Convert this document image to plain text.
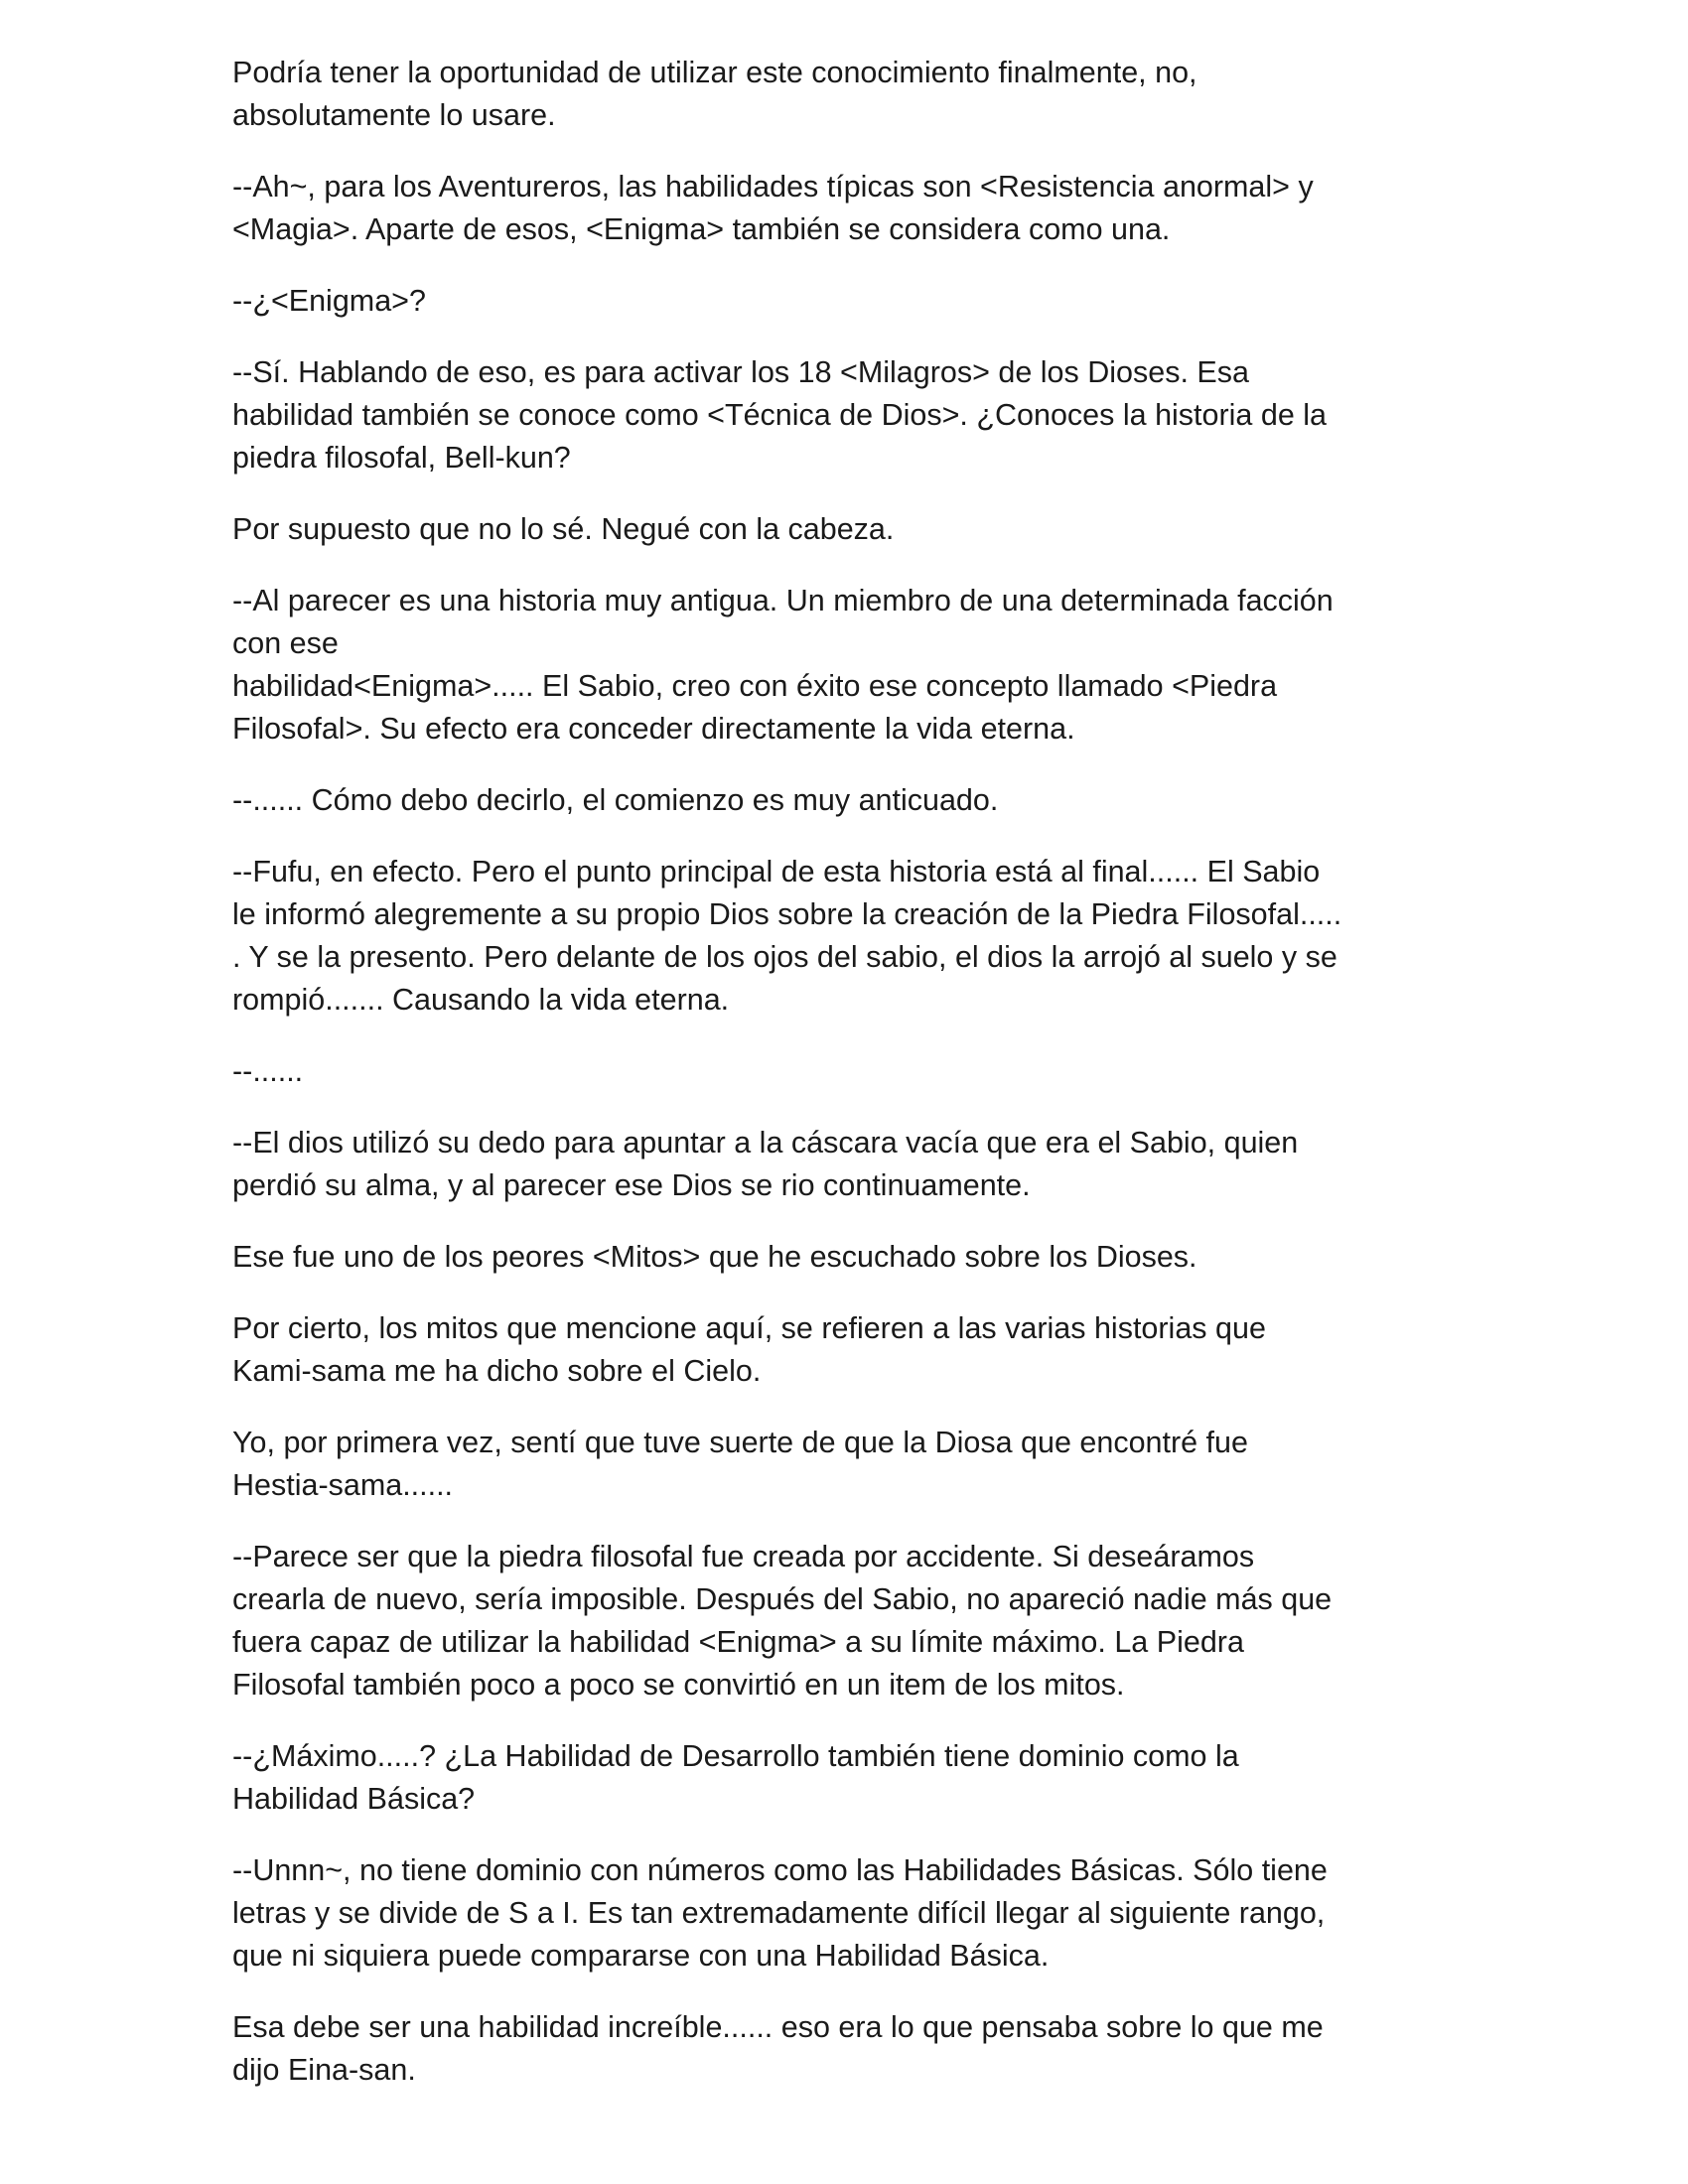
Podría tener la oportunidad de utilizar este conocimiento finalmente, no,
absolutamente lo usare.

--Ah~, para los Aventureros, las habilidades típicas son <Resistencia anormal> y
<Magia>. Aparte de esos, <Enigma> también se considera como una.

--¿<Enigma>?

--Sí. Hablando de eso, es para activar los 18 <Milagros> de los Dioses. Esa
habilidad también se conoce como <Técnica de Dios>. ¿Conoces la historia de la
piedra filosofal, Bell-kun?

Por supuesto que no lo sé. Negué con la cabeza.

--Al parecer es una historia muy antigua. Un miembro de una determinada facción
con ese
habilidad<Enigma>..... El Sabio, creo con éxito ese concepto llamado <Piedra
Filosofal>. Su efecto era conceder directamente la vida eterna.

--...... Cómo debo decirlo, el comienzo es muy anticuado.

--Fufu, en efecto. Pero el punto principal de esta historia está al final...... El Sabio
le informó alegremente a su propio Dios sobre la creación de la Piedra Filosofal.....
. Y se la presento. Pero delante de los ojos del sabio, el dios la arrojó al suelo y se
rompió....... Causando la vida eterna.

--......

--El dios utilizó su dedo para apuntar a la cáscara vacía que era el Sabio, quien
perdió su alma, y al parecer ese Dios se rio continuamente.

Ese fue uno de los peores <Mitos> que he escuchado sobre los Dioses.

Por cierto, los mitos que mencione aquí, se refieren a las varias historias que
Kami-sama me ha dicho sobre el Cielo.

Yo, por primera vez, sentí que tuve suerte de que la Diosa que encontré fue
Hestia-sama......

--Parece ser que la piedra filosofal fue creada por accidente. Si deseáramos
crearla de nuevo, sería imposible. Después del Sabio, no apareció nadie más que
fuera capaz de utilizar la habilidad <Enigma> a su límite máximo. La Piedra
Filosofal también poco a poco se convirtió en un item de los mitos.

--¿Máximo.....? ¿La Habilidad de Desarrollo también tiene dominio como la
Habilidad Básica?

--Unnn~, no tiene dominio con números como las Habilidades Básicas. Sólo tiene
letras y se divide de S a I. Es tan extremadamente difícil llegar al siguiente rango,
que ni siquiera puede compararse con una Habilidad Básica.

Esa debe ser una habilidad increíble...... eso era lo que pensaba sobre lo que me
dijo Eina-san.
